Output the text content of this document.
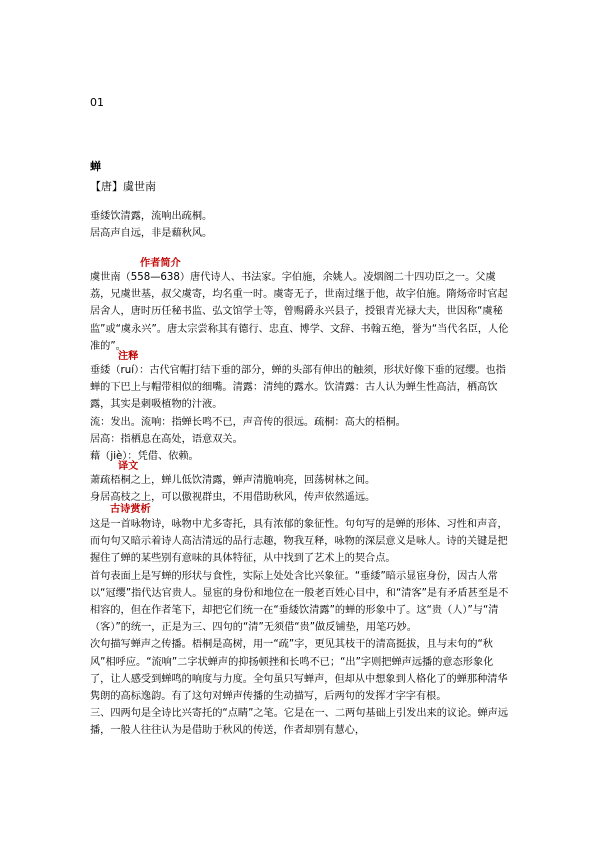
01
蝉
【唐】虞世南

垂緌饮清露，流响出疏桐。

居高声自远，非是藉秋风。

作者简介

虞世南（558—638）唐代诗人、书法家。字伯施，余姚人。凌烟阁二十四功臣之一。父虞荔，兄虞世基，叔父虞寄，均名重一时。虞寄无子，世南过继于他，故字伯施。隋炀帝时官起居舍人，唐时历任秘书监、弘文馆学士等，曾赐爵永兴县子，授银青光禄大夫，世因称“虞秘监”或“虞永兴”。唐太宗尝称其有德行、忠直、博学、文辞、书翰五绝，誉为“当代名臣，人伦准的”。

注释

垂緌（ruí）：古代官帽打结下垂的部分，蝉的头部有伸出的触须，形状好像下垂的冠缨。也指蝉的下巴上与帽带相似的细嘴。清露：清纯的露水。饮清露：古人认为蝉生性高洁，栖高饮露，其实是刺吸植物的汁液。

流：发出。流响：指蝉长鸣不已，声音传的很远。疏桐：高大的梧桐。

居高：指栖息在高处，语意双关。

藉（jiè）：凭借、依赖。

译文

萧疏梧桐之上，蝉儿低饮清露，蝉声清脆响亮，回荡树林之间。

身居高枝之上，可以傲视群虫，不用借助秋风，传声依然遥远。

古诗赏析

这是一首咏物诗，咏物中尤多寄托，具有浓郁的象征性。句句写的是蝉的形体、习性和声音，而句句又暗示着诗人高洁清远的品行志趣，物我互释，咏物的深层意义是咏人。诗的关键是把握住了蝉的某些别有意味的具体特征，从中找到了艺术上的契合点。

首句表面上是写蝉的形状与食性，实际上处处含比兴象征。“垂緌”暗示显宦身份，因古人常以“冠缨”指代达官贵人。显宦的身份和地位在一般老百姓心目中，和“清客”是有矛盾甚至是不相容的，但在作者笔下，却把它们统一在“垂緌饮清露”的蝉的形象中了。这“贵（人）”与“清（客）”的统一，正是为三、四句的“清”无须借“贵”做反铺垫，用笔巧妙。

次句描写蝉声之传播。梧桐是高树，用一“疏”字，更见其枝干的清高挺拔，且与末句的“秋风”相呼应。“流响”二字状蝉声的抑扬顿挫和长鸣不已；“出”字则把蝉声远播的意态形象化了，让人感受到蝉鸣的响度与力度。全句虽只写蝉声，但却从中想象到人格化了的蝉那种清华隽朗的高标逸韵。有了这句对蝉声传播的生动描写，后两句的发挥才字字有根。

三、四两句是全诗比兴寄托的“点睛”之笔。它是在一、二两句基础上引发出来的议论。蝉声远播，一般人往往认为是借助于秋风的传送，作者却别有慧心，
